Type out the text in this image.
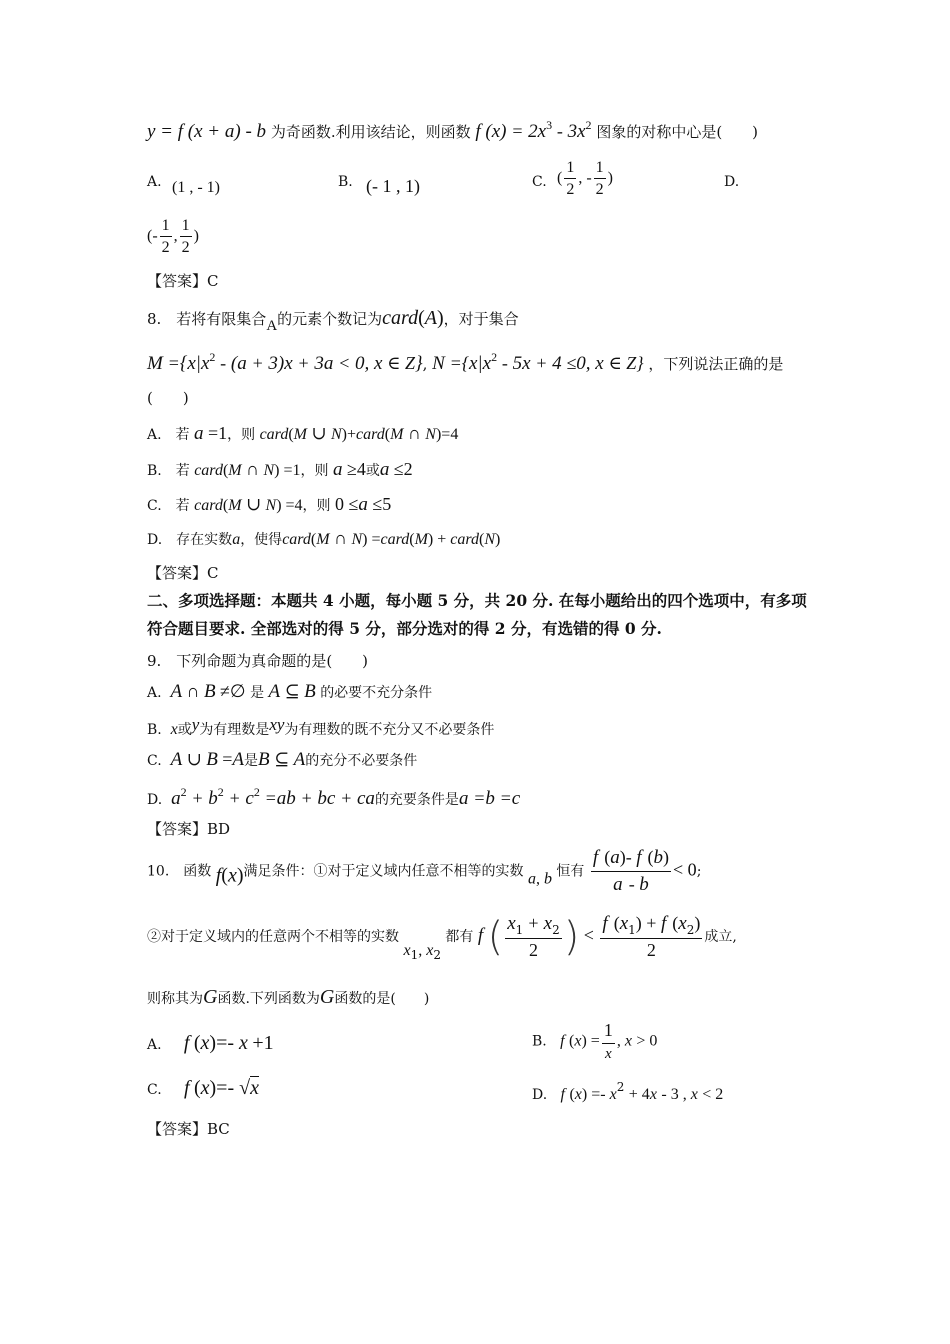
y = f (x + a) - b 为奇函数.利用该结论，则函数 f $(x) = 2x^3 - 3x^2$ 图象的对称中心是(　　)
A. (1 , - 1)	B. (- 1 , 1)	C. ( $\frac{1}{2}$ , - $\frac{1}{2}$ )	D.
(- $\frac{1}{2}$ , $\frac{1}{2}$ )
【答案】C
8.　若将有限集合A的元素个数记为card(A)，对于集合
$M =\{x|x^2 - (a + 3)x + 3a < 0$, x ∈ Z}, $N =\{x|x^2 - 5x + 4 \le 0$, x ∈ Z} ，下列说法正确的是
(　　)
A.　若 a =1，则 card(M ∪ N)+card(M ∩ N)=4
B.　若 card(M ∩ N) =1，则 a ≥4或a ≤2
C.　若 card(M ∪ N) =4，则 0 ≤a ≤5
D.　存在实数a，使得card(M ∩ N) =card(M) + card(N)
【答案】C
二、多项选择题：本题共 4 小题，每小题 5 分，共 20 分. 在每小题给出的四个选项中，有多项
符合题目要求. 全部选对的得 5 分，部分选对的得 2 分，有选错的得 0 分.
9.　下列命题为真命题的是(　　)
A. A ∩ B ≠∅ 是 A ⊆ B 的必要不充分条件
B. x或y为有理数是xy为有理数的既不充分又不必要条件
C. A ∪ B =A是B ⊆ A的充分不必要条件
D. $a^2 + b^2 + c^2 =ab$ + bc + ca的充要条件是a =b =c
【答案】BD
10.　函数 f(x)满足条件：①对于定义域内任意不相等的实数 a, b 恒有 $\frac{f (a)- f (b)}{a - b} < 0$;
②对于定义域内的任意两个不相等的实数 x1, x2 都有 f ( $\frac{x_1 + x_2}{2}$ ) < $\frac{f (x_1) + f (x_2)}{2}$ 成立,
则称其为G函数.下列函数为G函数的是(　　)
A. f (x)=- x +1	B. f $(x) = \frac{1}{x}$ , x > 0
C. f (x)=- √x	D. f (x) =- x2 + 4x - 3 , x < 2
【答案】BC
